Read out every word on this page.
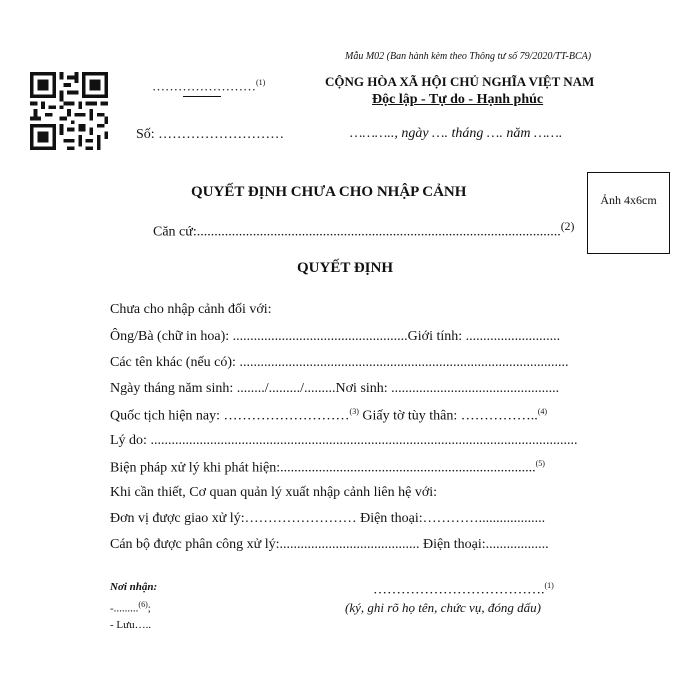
Mẫu M02 (Ban hành kèm theo Thông tư số 79/2020/TT-BCA)
……………………$^{(1)}$	CỘNG HÒA XÃ HỘI CHỦ NGHĨA VIỆT NAM
Độc lập - Tự do - Hạnh phúc
Số: ………………………	……….., ngày …. tháng …. năm …….
Ảnh 4x6cm
QUYẾT ĐỊNH CHƯA CHO NHẬP CẢNH
Căn cứ:........................................................................................................$^{(2)}$
QUYẾT ĐỊNH
Chưa cho nhập cảnh đối với:
Ông/Bà (chữ in hoa): ..................................................Giới tính: ...........................
Các tên khác (nếu có): ..............................................................................................
Ngày tháng năm sinh: ......../........./.........Nơi sinh: ................................................
Quốc tịch hiện nay: ………………………$^{(3)}$ Giấy tờ tùy thân: ……………..$^{(4)}$
Lý do: ..........................................................................................................................
Biện pháp xử lý khi phát hiện:.........................................................................$^{(5)}$
Khi cần thiết, Cơ quan quản lý xuất nhập cảnh liên hệ với:
Đơn vị được giao xử lý:…………………… Điện thoại:…………...................
Cán bộ được phân công xử lý:........................................ Điện thoại:..................
Nơi nhận:
-.........$^{(6)}$;
- Lưu…..
……………………………….$^{(1)}$
(ký, ghi rõ họ tên, chức vụ, đóng dấu)
